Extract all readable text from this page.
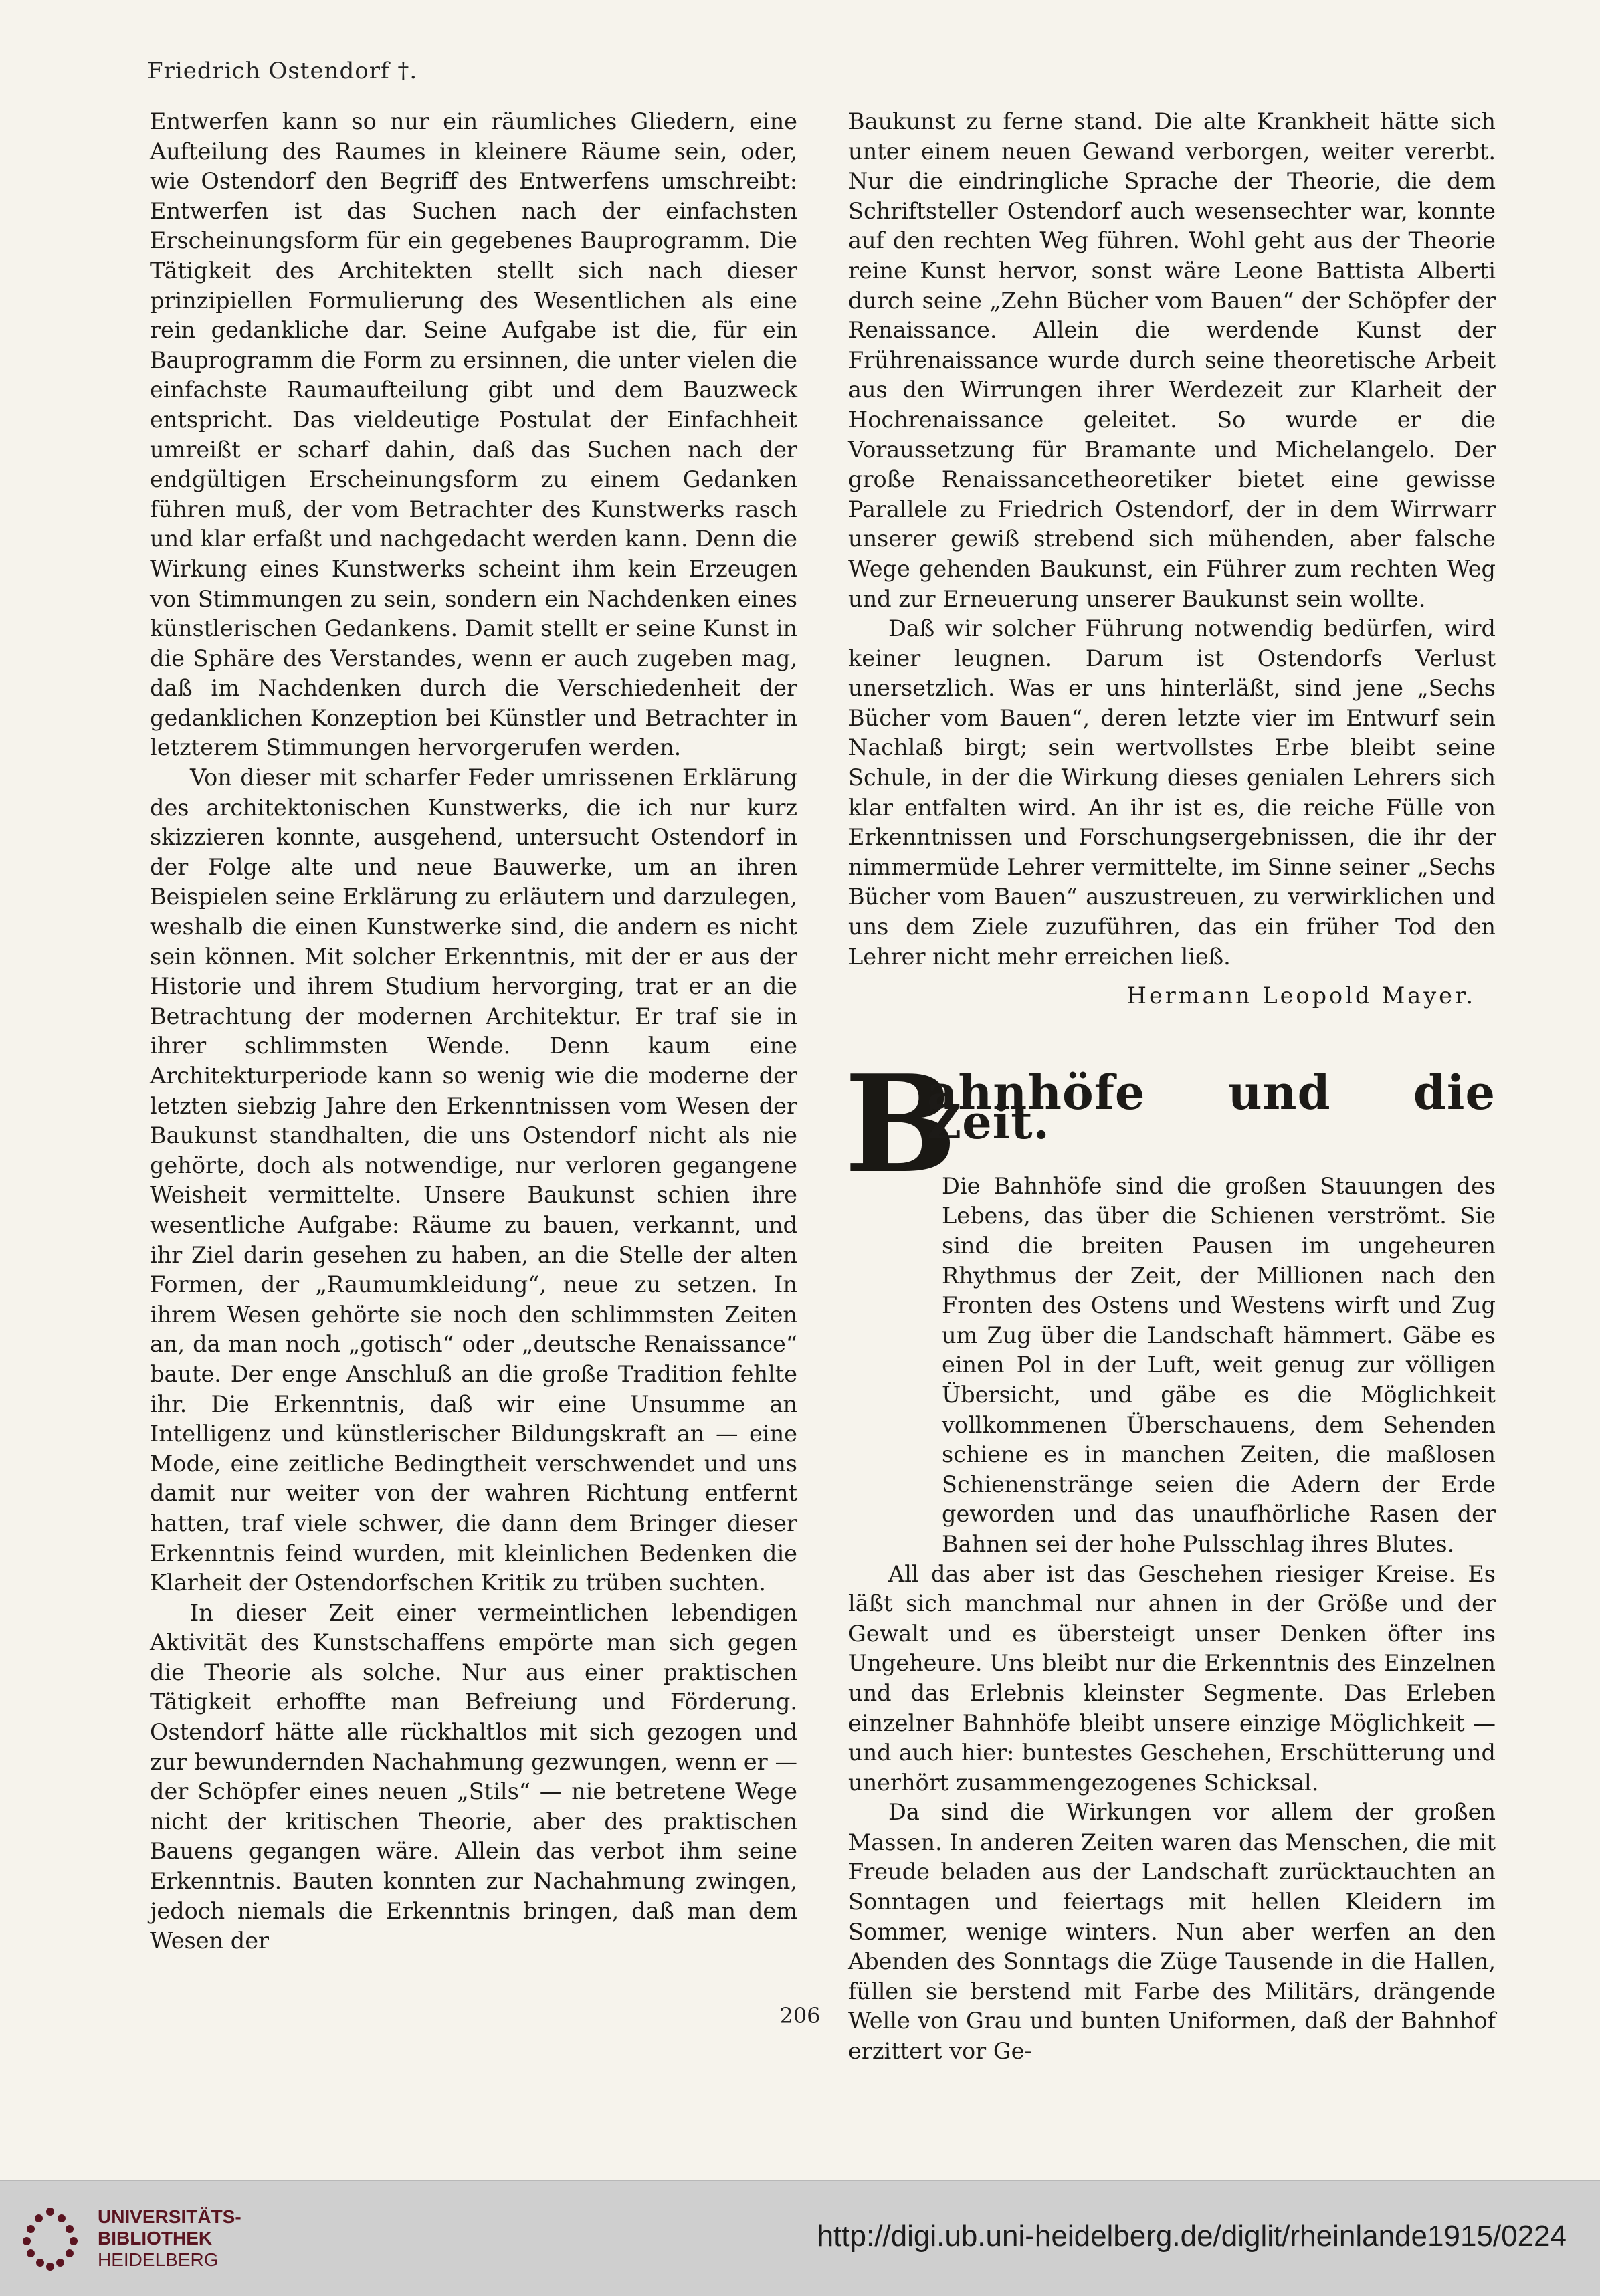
Friedrich Ostendorf †.

Entwerfen kann so nur ein räumliches Gliedern, eine Aufteilung des Raumes in kleinere Räume sein, oder, wie Ostendorf den Begriff des Entwerfens umschreibt: Entwerfen ist das Suchen nach der einfachsten Erscheinungsform für ein gegebenes Bauprogramm. Die Tätigkeit des Architekten stellt sich nach dieser prinzipiellen Formulierung des Wesentlichen als eine rein gedankliche dar. Seine Aufgabe ist die, für ein Bauprogramm die Form zu ersinnen, die unter vielen die einfachste Raumaufteilung gibt und dem Bauzweck entspricht. Das vieldeutige Postulat der Einfachheit umreißt er scharf dahin, daß das Suchen nach der endgültigen Erscheinungsform zu einem Gedanken führen muß, der vom Betrachter des Kunstwerks rasch und klar erfaßt und nachgedacht werden kann. Denn die Wirkung eines Kunstwerks scheint ihm kein Erzeugen von Stimmungen zu sein, sondern ein Nachdenken eines künstlerischen Gedankens. Damit stellt er seine Kunst in die Sphäre des Verstandes, wenn er auch zugeben mag, daß im Nachdenken durch die Verschiedenheit der gedanklichen Konzeption bei Künstler und Betrachter in letzterem Stimmungen hervorgerufen werden.

Von dieser mit scharfer Feder umrissenen Erklärung des architektonischen Kunstwerks, die ich nur kurz skizzieren konnte, ausgehend, untersucht Ostendorf in der Folge alte und neue Bauwerke, um an ihren Beispielen seine Erklärung zu erläutern und darzulegen, weshalb die einen Kunstwerke sind, die andern es nicht sein können. Mit solcher Erkenntnis, mit der er aus der Historie und ihrem Studium hervorging, trat er an die Betrachtung der modernen Architektur. Er traf sie in ihrer schlimmsten Wende. Denn kaum eine Architekturperiode kann so wenig wie die moderne der letzten siebzig Jahre den Erkenntnissen vom Wesen der Baukunst standhalten, die uns Ostendorf nicht als nie gehörte, doch als notwendige, nur verloren gegangene Weisheit vermittelte. Unsere Baukunst schien ihre wesentliche Aufgabe: Räume zu bauen, verkannt, und ihr Ziel darin gesehen zu haben, an die Stelle der alten Formen, der „Raumumkleidung“, neue zu setzen. In ihrem Wesen gehörte sie noch den schlimmsten Zeiten an, da man noch „gotisch“ oder „deutsche Renaissance“ baute. Der enge Anschluß an die große Tradition fehlte ihr. Die Erkenntnis, daß wir eine Unsumme an Intelligenz und künstlerischer Bildungskraft an — eine Mode, eine zeitliche Bedingtheit verschwendet und uns damit nur weiter von der wahren Richtung entfernt hatten, traf viele schwer, die dann dem Bringer dieser Erkenntnis feind wurden, mit kleinlichen Bedenken die Klarheit der Ostendorfschen Kritik zu trüben suchten.

In dieser Zeit einer vermeintlichen lebendigen Aktivität des Kunstschaffens empörte man sich gegen die Theorie als solche. Nur aus einer praktischen Tätigkeit erhoffte man Befreiung und Förderung. Ostendorf hätte alle rückhaltlos mit sich gezogen und zur bewundernden Nachahmung gezwungen, wenn er — der Schöpfer eines neuen „Stils“ — nie betretene Wege nicht der kritischen Theorie, aber des praktischen Bauens gegangen wäre. Allein das verbot ihm seine Erkenntnis. Bauten konnten zur Nachahmung zwingen, jedoch niemals die Erkenntnis bringen, daß man dem Wesen der

Baukunst zu ferne stand. Die alte Krankheit hätte sich unter einem neuen Gewand verborgen, weiter vererbt. Nur die eindringliche Sprache der Theorie, die dem Schriftsteller Ostendorf auch wesensechter war, konnte auf den rechten Weg führen. Wohl geht aus der Theorie reine Kunst hervor, sonst wäre Leone Battista Alberti durch seine „Zehn Bücher vom Bauen“ der Schöpfer der Renaissance. Allein die werdende Kunst der Frührenaissance wurde durch seine theoretische Arbeit aus den Wirrungen ihrer Werdezeit zur Klarheit der Hochrenaissance geleitet. So wurde er die Voraussetzung für Bramante und Michelangelo. Der große Renaissancetheoretiker bietet eine gewisse Parallele zu Friedrich Ostendorf, der in dem Wirrwarr unserer gewiß strebend sich mühenden, aber falsche Wege gehenden Baukunst, ein Führer zum rechten Weg und zur Erneuerung unserer Baukunst sein wollte.

Daß wir solcher Führung notwendig bedürfen, wird keiner leugnen. Darum ist Ostendorfs Verlust unersetzlich. Was er uns hinterläßt, sind jene „Sechs Bücher vom Bauen“, deren letzte vier im Entwurf sein Nachlaß birgt; sein wertvollstes Erbe bleibt seine Schule, in der die Wirkung dieses genialen Lehrers sich klar entfalten wird. An ihr ist es, die reiche Fülle von Erkenntnissen und Forschungsergebnissen, die ihr der nimmermüde Lehrer vermittelte, im Sinne seiner „Sechs Bücher vom Bauen“ auszustreuen, zu verwirklichen und uns dem Ziele zuzuführen, das ein früher Tod den Lehrer nicht mehr erreichen ließ.

Hermann Leopold Mayer.
B
ahnhöfe und die Zeit.

Die Bahnhöfe sind die großen Stauungen des Lebens, das über die Schienen verströmt. Sie sind die breiten Pausen im ungeheuren Rhythmus der Zeit, der Millionen nach den Fronten des Ostens und Westens wirft und Zug um Zug über die Landschaft hämmert. Gäbe es einen Pol in der Luft, weit genug zur völligen Übersicht, und gäbe es die Möglichkeit vollkommenen Überschauens, dem Sehenden schiene es in manchen Zeiten, die maßlosen Schienenstränge seien die Adern der Erde geworden und das unaufhörliche Rasen der Bahnen sei der hohe Pulsschlag ihres Blutes.

All das aber ist das Geschehen riesiger Kreise. Es läßt sich manchmal nur ahnen in der Größe und der Gewalt und es übersteigt unser Denken öfter ins Ungeheure. Uns bleibt nur die Erkenntnis des Einzelnen und das Erlebnis kleinster Segmente. Das Erleben einzelner Bahnhöfe bleibt unsere einzige Möglichkeit — und auch hier: buntestes Geschehen, Erschütterung und unerhört zusammengezogenes Schicksal.

Da sind die Wirkungen vor allem der großen Massen. In anderen Zeiten waren das Menschen, die mit Freude beladen aus der Landschaft zurücktauchten an Sonntagen und feiertags mit hellen Kleidern im Sommer, wenige winters. Nun aber werfen an den Abenden des Sonntags die Züge Tausende in die Hallen, füllen sie berstend mit Farbe des Militärs, drängende Welle von Grau und bunten Uniformen, daß der Bahnhof erzittert vor Ge-

206
UNIVERSITÄTS-
BIBLIOTHEK
HEIDELBERG
http://digi.ub.uni-heidelberg.de/diglit/rheinlande1915/0224
